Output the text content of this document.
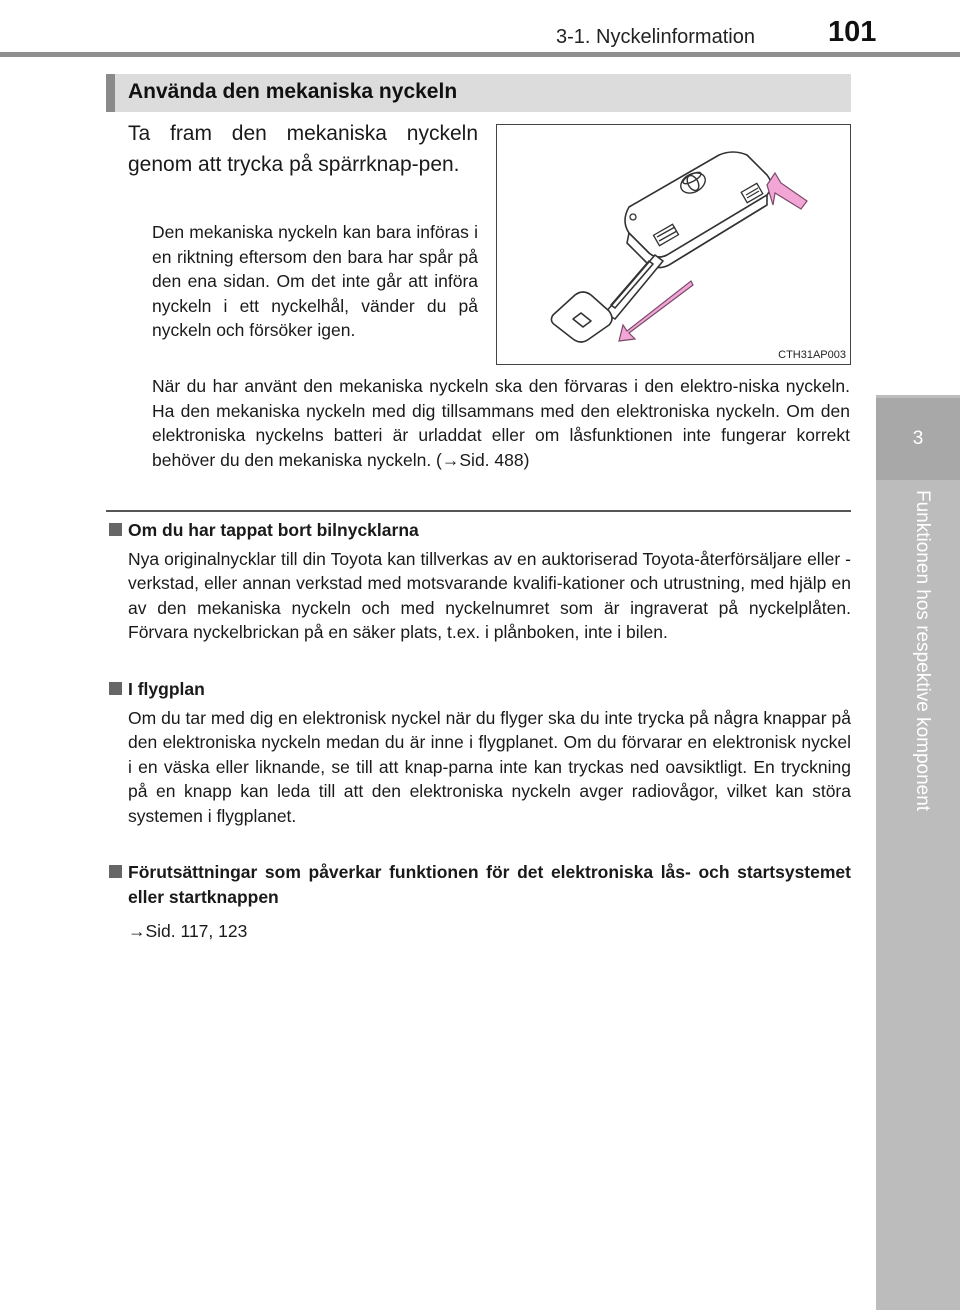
3-1. Nyckelinformation	101
3
Funktionen hos respektive komponent
Använda den mekaniska nyckeln
Ta fram den mekaniska nyckeln genom att trycka på spärrknap-pen.
Den mekaniska nyckeln kan bara införas i en riktning eftersom den bara har spår på den ena sidan. Om det inte går att införa nyckeln i ett nyckelhål, vänder du på nyckeln och försöker igen.
CTH31AP003
När du har använt den mekaniska nyckeln ska den förvaras i den elektro-niska nyckeln. Ha den mekaniska nyckeln med dig tillsammans med den elektroniska nyckeln. Om den elektroniska nyckelns batteri är urladdat eller om låsfunktionen inte fungerar korrekt behöver du den mekaniska nyckeln. (→Sid. 488)
Om du har tappat bort bilnycklarna
Nya originalnycklar till din Toyota kan tillverkas av en auktoriserad Toyota-återförsäljare eller -verkstad, eller annan verkstad med motsvarande kvalifi-kationer och utrustning, med hjälp en av den mekaniska nyckeln och med nyckelnumret som är ingraverat på nyckelplåten. Förvara nyckelbrickan på en säker plats, t.ex. i plånboken, inte i bilen.
I flygplan
Om du tar med dig en elektronisk nyckel när du flyger ska du inte trycka på några knappar på den elektroniska nyckeln medan du är inne i flygplanet. Om du förvarar en elektronisk nyckel i en väska eller liknande, se till att knap-parna inte kan tryckas ned oavsiktligt. En tryckning på en knapp kan leda till att den elektroniska nyckeln avger radiovågor, vilket kan störa systemen i flygplanet.
Förutsättningar som påverkar funktionen för det elektroniska lås- och startsystemet eller startknappen
→Sid. 117, 123
